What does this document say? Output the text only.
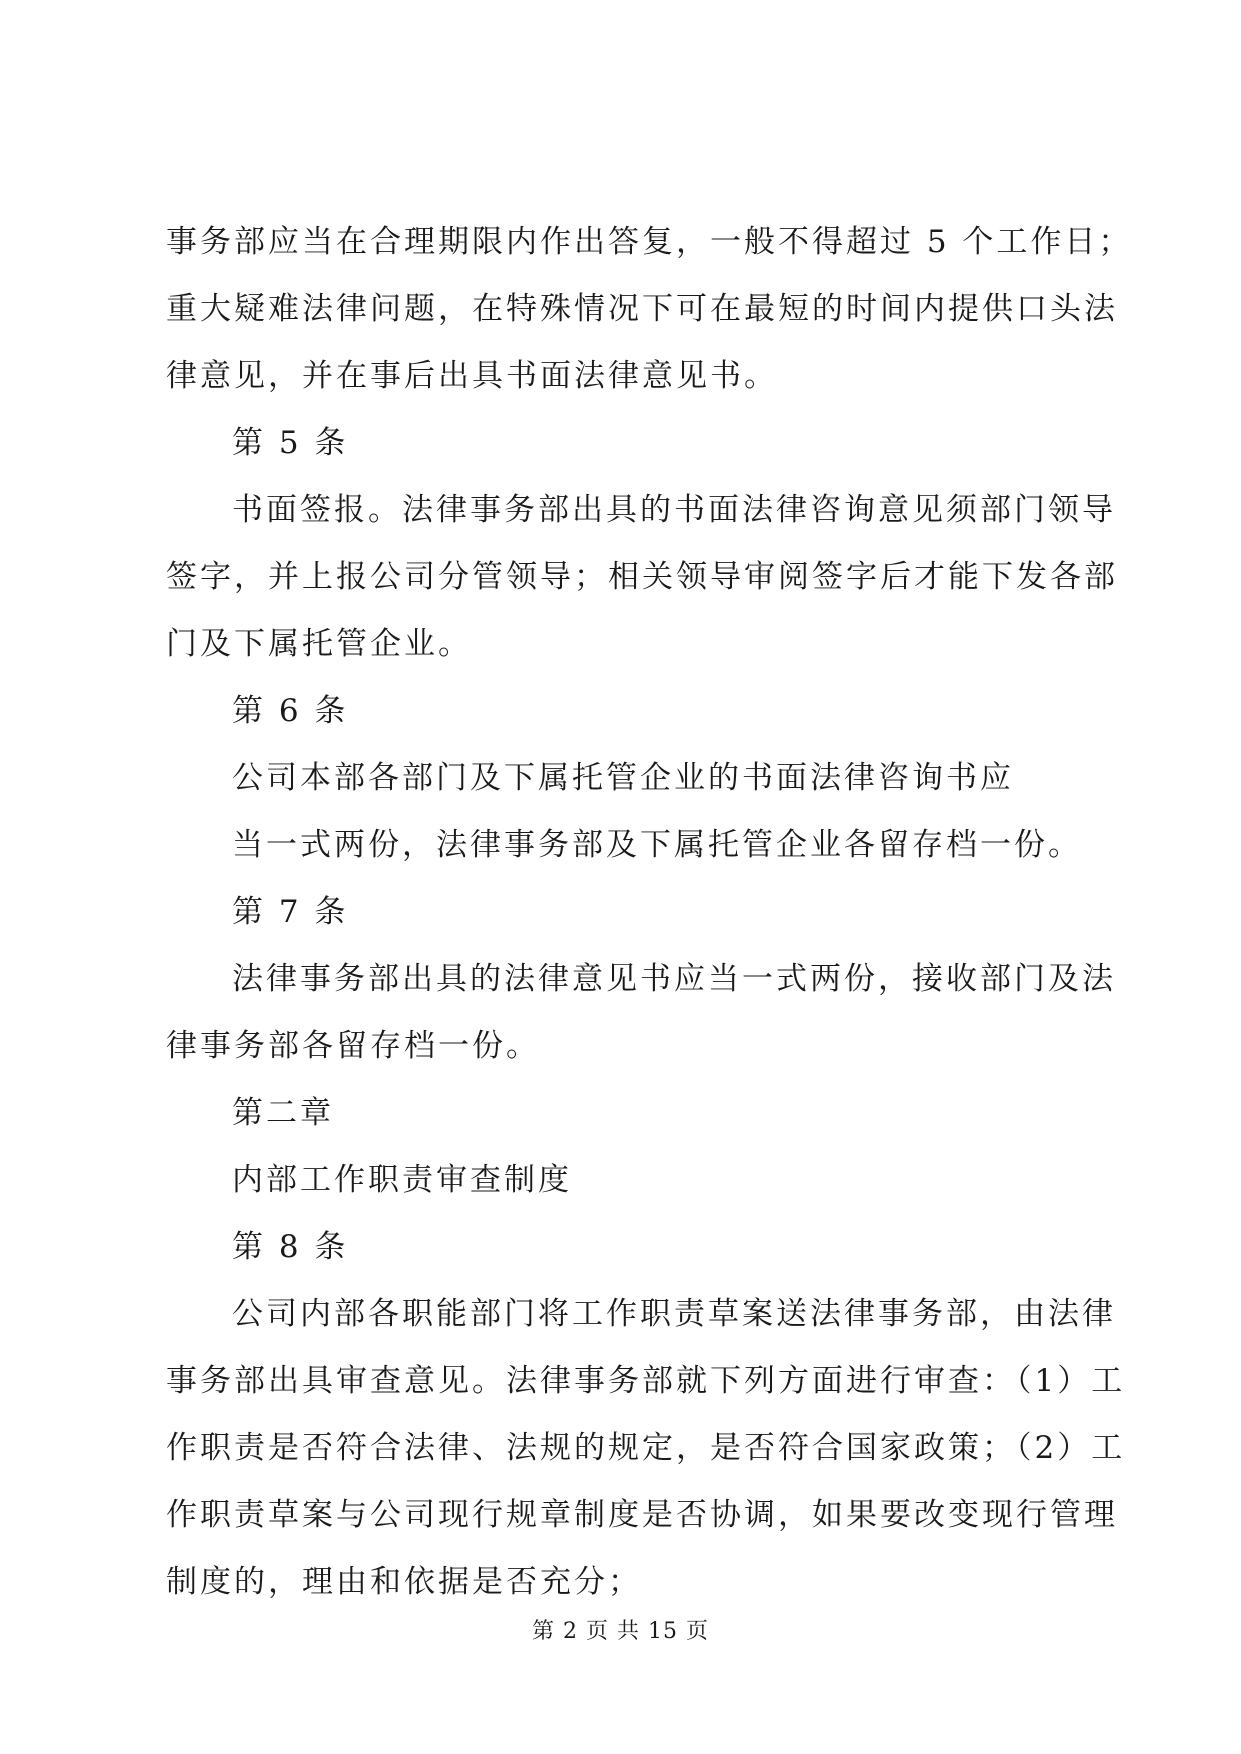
事务部应当在合理期限内作出答复，一般不得超过 5 个工作日；
重大疑难法律问题，在特殊情况下可在最短的时间内提供口头法
律意见，并在事后出具书面法律意见书。
第 5 条
书面签报。法律事务部出具的书面法律咨询意见须部门领导
签字，并上报公司分管领导；相关领导审阅签字后才能下发各部
门及下属托管企业。
第 6 条
公司本部各部门及下属托管企业的书面法律咨询书应
当一式两份，法律事务部及下属托管企业各留存档一份。
第 7 条
法律事务部出具的法律意见书应当一式两份，接收部门及法
律事务部各留存档一份。
第二章
内部工作职责审查制度
第 8 条
公司内部各职能部门将工作职责草案送法律事务部，由法律
事务部出具审查意见。法律事务部就下列方面进行审查：（1）工
作职责是否符合法律、法规的规定，是否符合国家政策；（2）工
作职责草案与公司现行规章制度是否协调，如果要改变现行管理
制度的，理由和依据是否充分；
第 2 页 共 15 页
